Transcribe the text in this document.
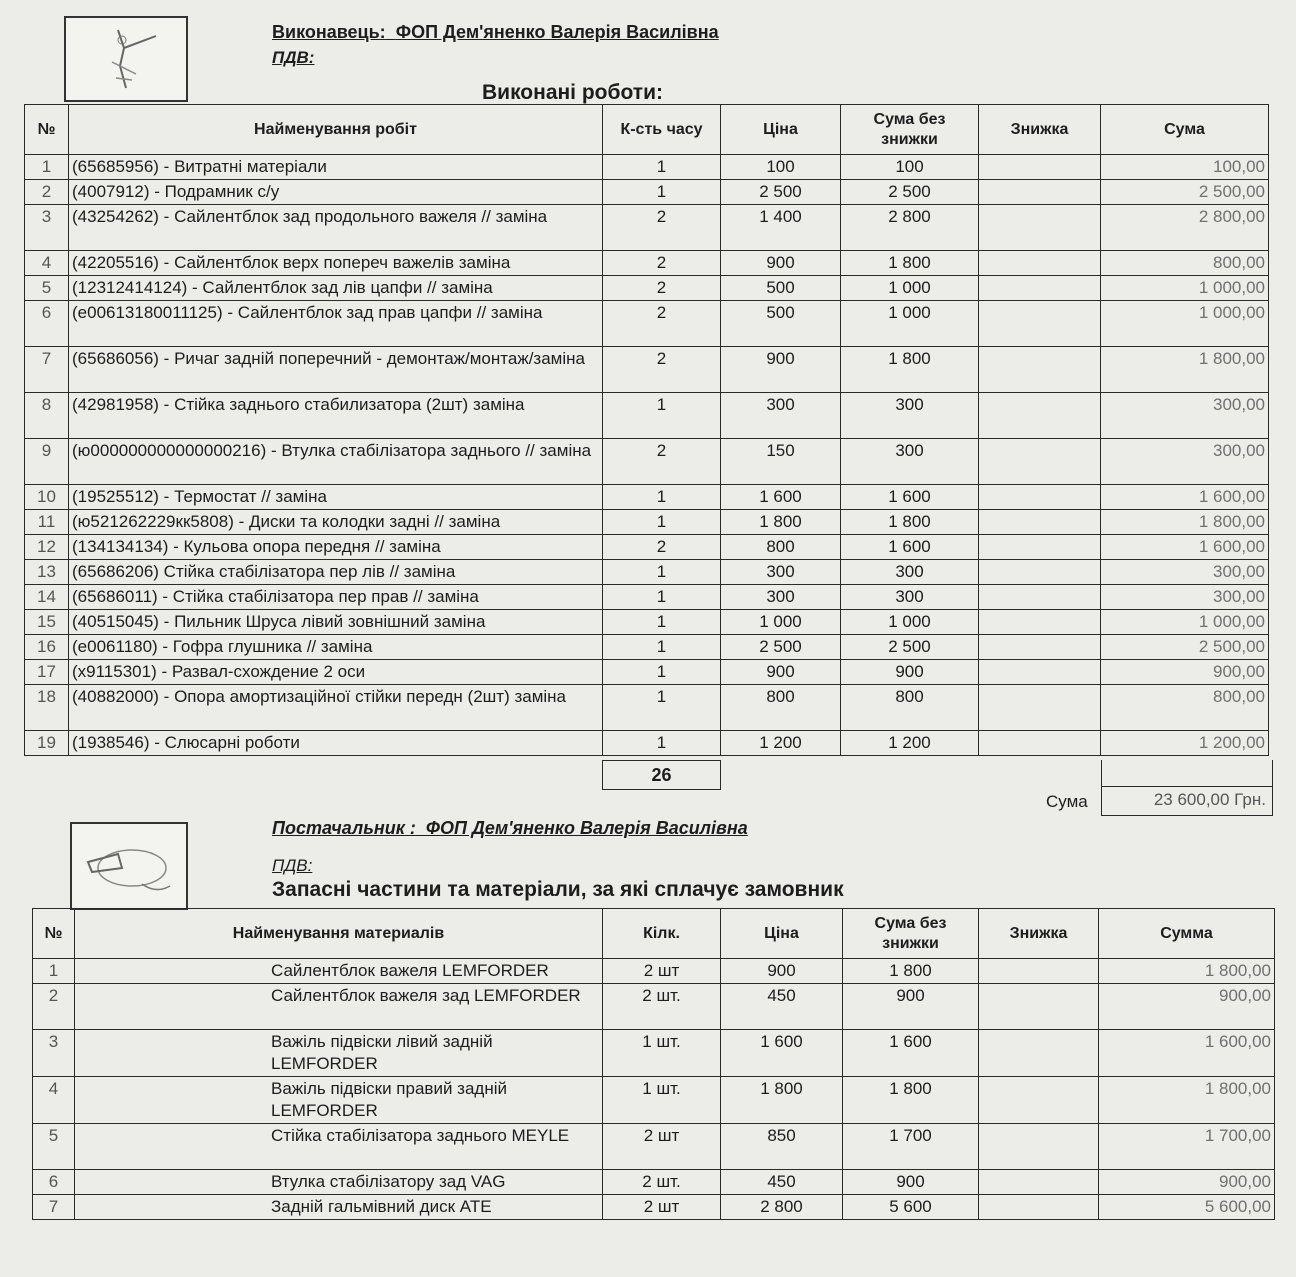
Виконавець: ФОП Дем'яненко Валерія Василівна
ПДВ:
Виконані роботи:
№	Найменування робіт	К-сть часу	Ціна	Сума без знижки	Знижка	Сума
1	(65685956) - Витратні матеріали	1	100	100		100,00
2	(4007912) - Подрамник с/у	1	2 500	2 500		2 500,00
3	(43254262) - Сайлентблок зад продольного важеля // заміна	2	1 400	2 800		2 800,00
4	(42205516) - Сайлентблок верх попереч важелів заміна	2	900	1 800		800,00
5	(12312414124) - Сайлентблок зад лів цапфи // заміна	2	500	1 000		1 000,00
6	(e00613180011125) - Сайлентблок зад прав цапфи // заміна	2	500	1 000		1 000,00
7	(65686056) - Ричаг задній поперечний - демонтаж/монтаж/заміна	2	900	1 800		1 800,00
8	(42981958) - Стійка заднього стабилизатора (2шт) заміна	1	300	300		300,00
9	(ю000000000000000216) - Втулка стабілізатора заднього // заміна	2	150	300		300,00
10	(19525512) - Термостат // заміна	1	1 600	1 600		1 600,00
11	(ю521262229кк5808) - Диски та колодки задні // заміна	1	1 800	1 800		1 800,00
12	(134134134) - Кульова опора передня // заміна	2	800	1 600		1 600,00
13	(65686206) Стійка стабілізатора пер лів // заміна	1	300	300		300,00
14	(65686011) - Стійка стабілізатора пер прав // заміна	1	300	300		300,00
15	(40515045) - Пильник Шруса лівий зовнішний заміна	1	1 000	1 000		1 000,00
16	(e0061180) - Гофра глушника // заміна	1	2 500	2 500		2 500,00
17	(x9115301) - Развал-схождение 2 оси	1	900	900		900,00
18	(40882000) - Опора амортизаційної стійки передн (2шт) заміна	1	800	800		800,00
19	(1938546) - Слюсарні роботи	1	1 200	1 200		1 200,00
26
Сума	23 600,00 Грн.
Постачальник : ФОП Дем'яненко Валерія Василівна
ПДВ:
Запасні частини та матеріали, за які сплачує замовник
№	Найменування материалів	Кілк.	Ціна	Сума без знижки	Знижка	Сумма
1	Сайлентблок важеля LEMFORDER	2 шт	900	1 800		1 800,00
2	Сайлентблок важеля зад LEMFORDER	2 шт.	450	900		900,00
3	Важіль підвіски лівий задній LEMFORDER	1 шт.	1 600	1 600		1 600,00
4	Важіль підвіски правий задній LEMFORDER	1 шт.	1 800	1 800		1 800,00
5	Стійка стабілізатора заднього MEYLE	2 шт	850	1 700		1 700,00
6	Втулка стабілізатору зад VAG	2 шт.	450	900		900,00
7	Задній гальмівний диск ATE	2 шт	2 800	5 600		5 600,00
